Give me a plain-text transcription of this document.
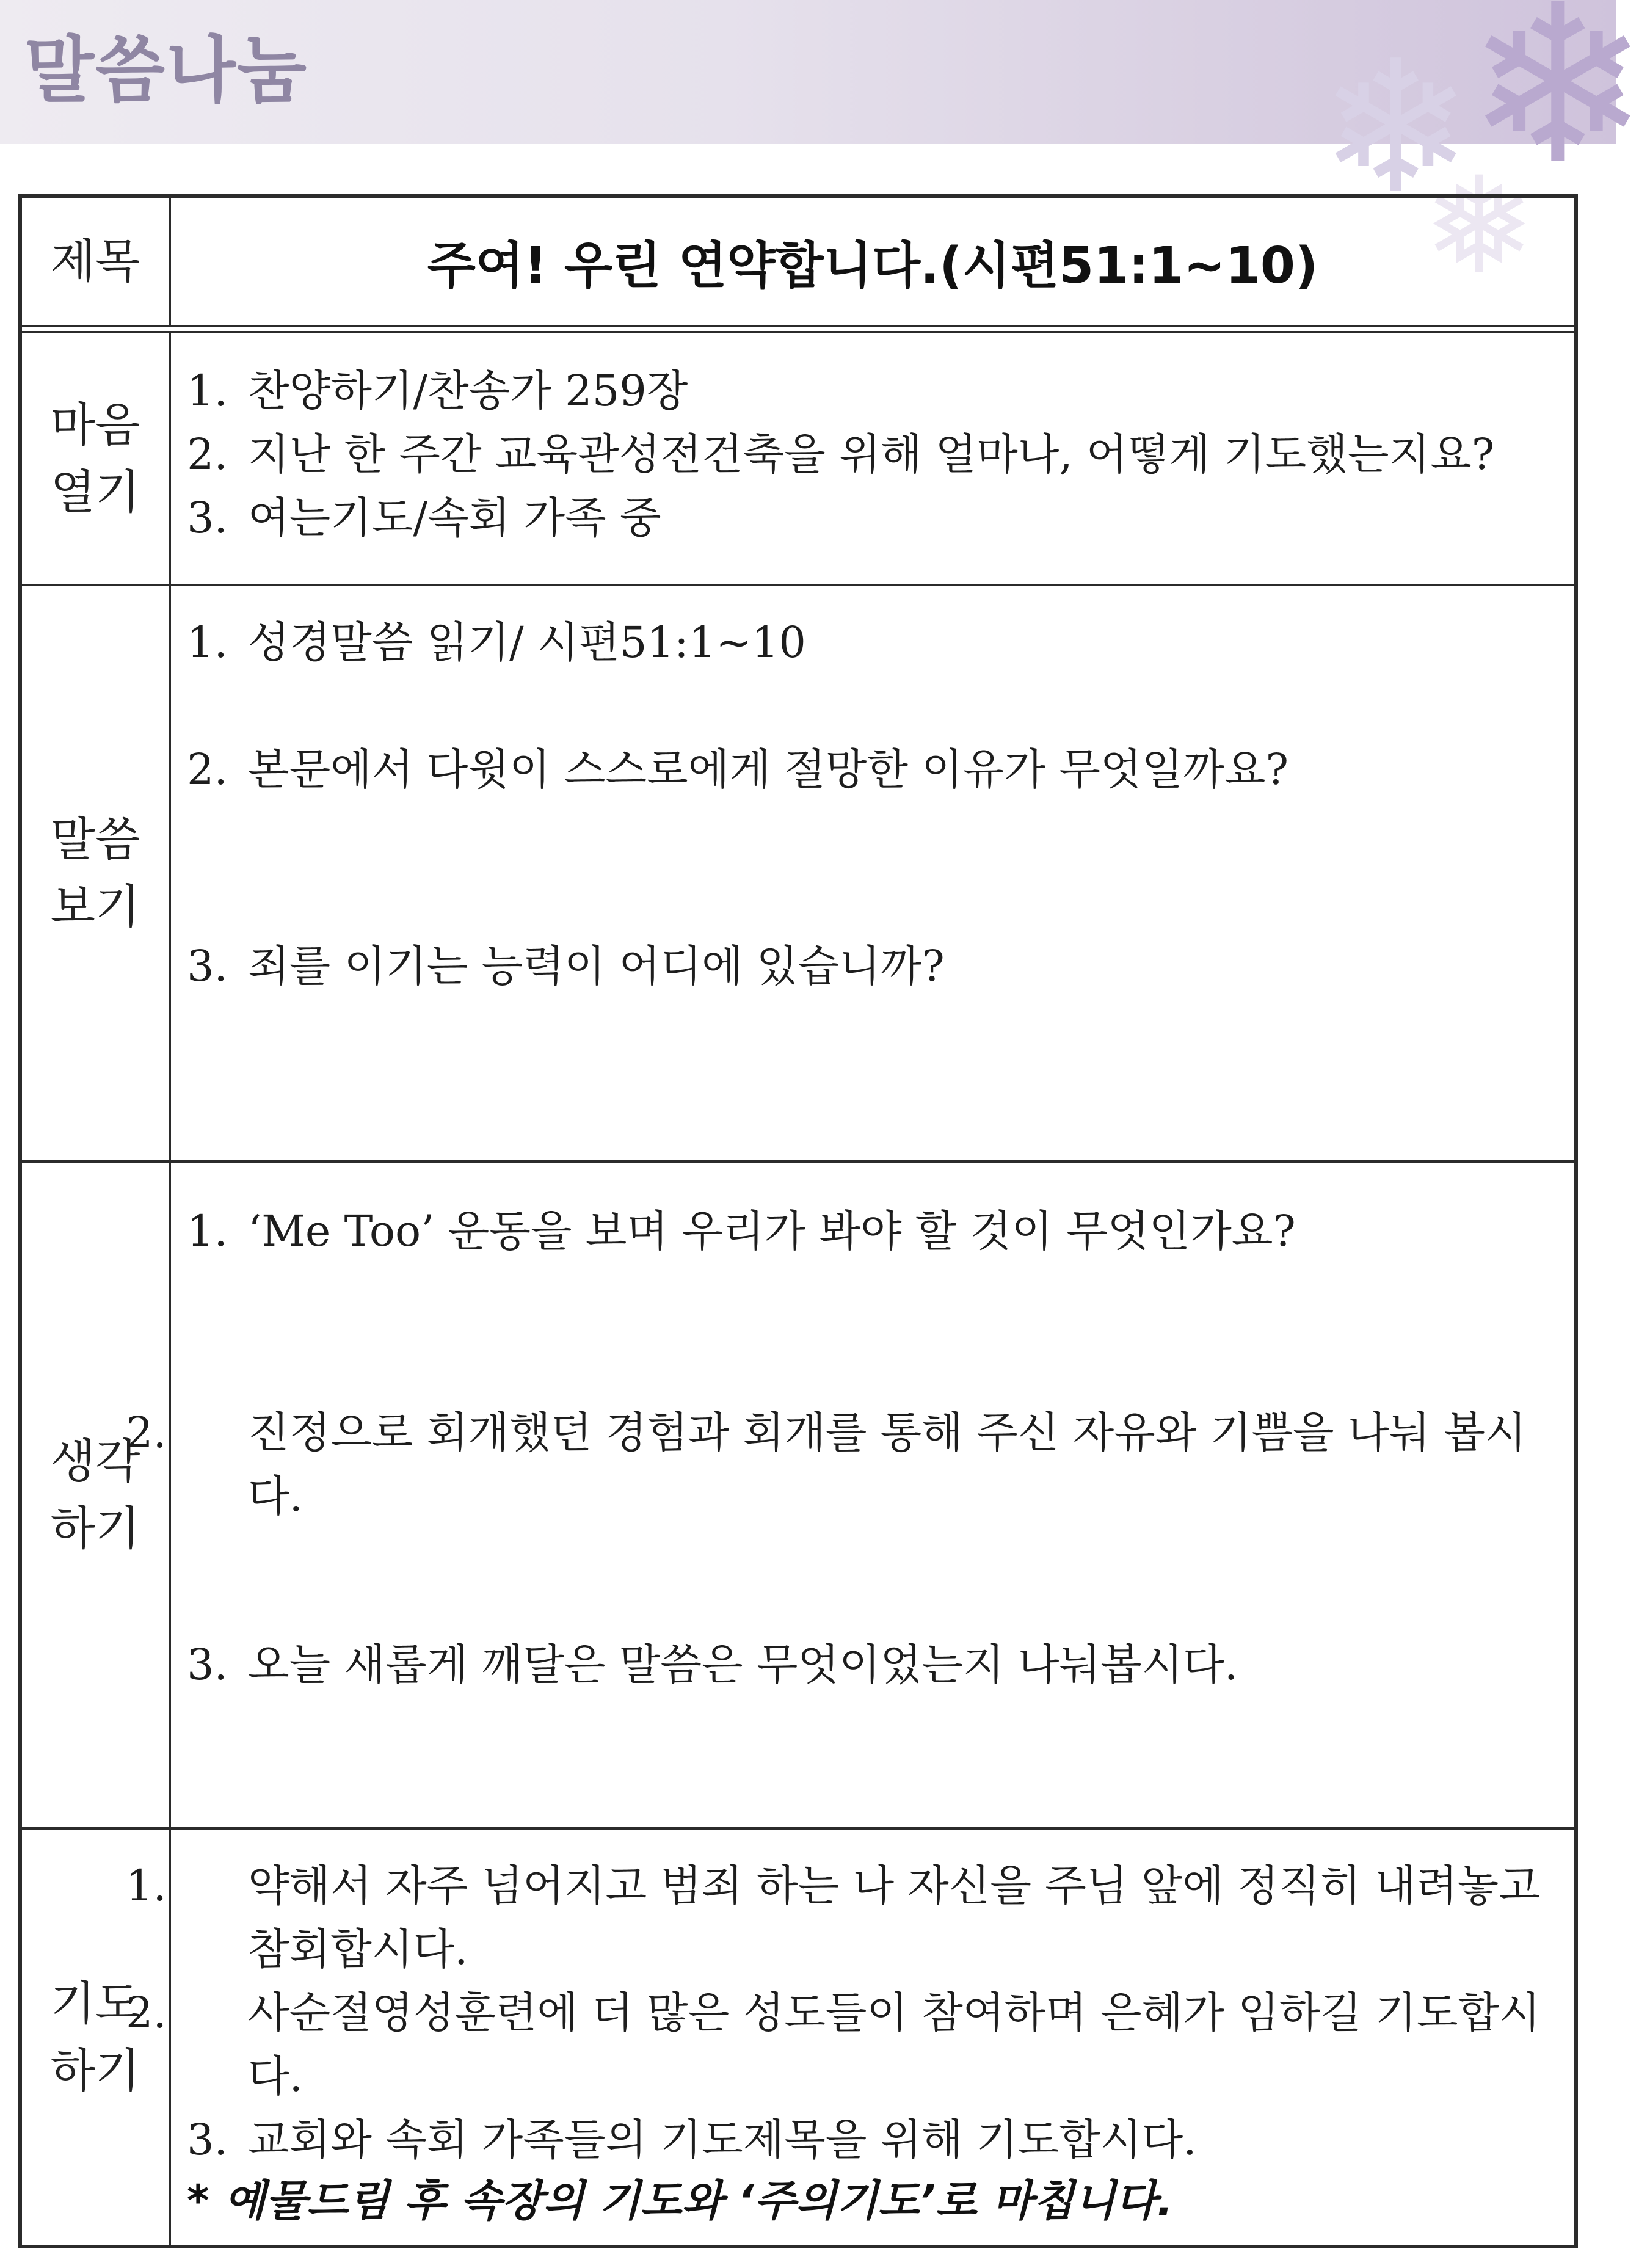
말씀나눔	❄
❄
❅
제목	주여! 우린 연약합니다.(시편51:1~10)
마음
열기
1. 찬양하기/찬송가 259장
2. 지난 한 주간 교육관성전건축을 위해 얼마나, 어떻게 기도했는지요?
3. 여는기도/속회 가족 중
말씀
보기
1. 성경말씀 읽기/ 시편51:1~10
2. 본문에서 다윗이 스스로에게 절망한 이유가 무엇일까요?
3. 죄를 이기는 능력이 어디에 있습니까?
생각
하기
1. ‘Me Too’ 운동을 보며 우리가 봐야 할 것이 무엇인가요?
2. 진정으로 회개했던 경험과 회개를 통해 주신 자유와 기쁨을 나눠 봅시다.
3. 오늘 새롭게 깨달은 말씀은 무엇이었는지 나눠봅시다.
기도
하기
1. 약해서 자주 넘어지고 범죄 하는 나 자신을 주님 앞에 정직히 내려놓고 참회합시다.
2. 사순절영성훈련에 더 많은 성도들이 참여하며 은혜가 임하길 기도합시다.
3. 교회와 속회 가족들의 기도제목을 위해 기도합시다.
* 예물드림 후 속장의 기도와 ‘주의기도’로 마칩니다.
